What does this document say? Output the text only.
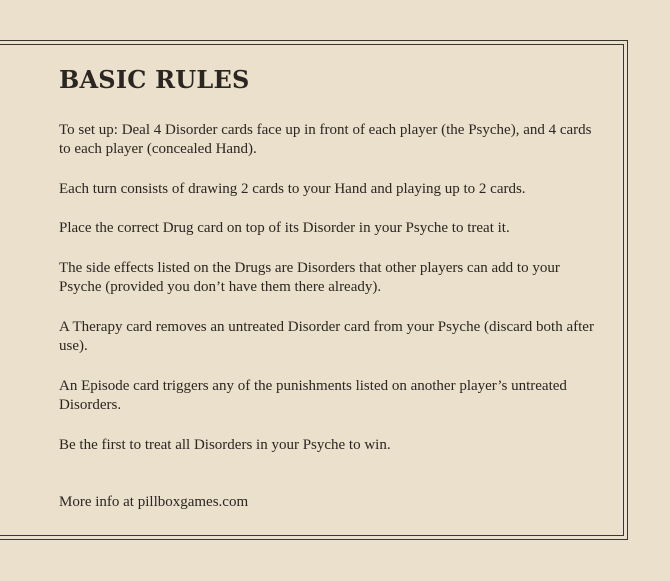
BASIC RULES

To set up: Deal 4 Disorder cards face up in front of each player (the Psyche), and 4 cards to each player (concealed Hand).

Each turn consists of drawing 2 cards to your Hand and playing up to 2 cards.

Place the correct Drug card on top of its Disorder in your Psyche to treat it.

The side effects listed on the Drugs are Disorders that other players can add to your Psyche (provided you don’t have them there already).

A Therapy card removes an untreated Disorder card from your Psyche (discard both after use).

An Episode card triggers any of the punishments listed on another player’s untreated Disorders.

Be the first to treat all Disorders in your Psyche to win.

More info at pillboxgames.com
